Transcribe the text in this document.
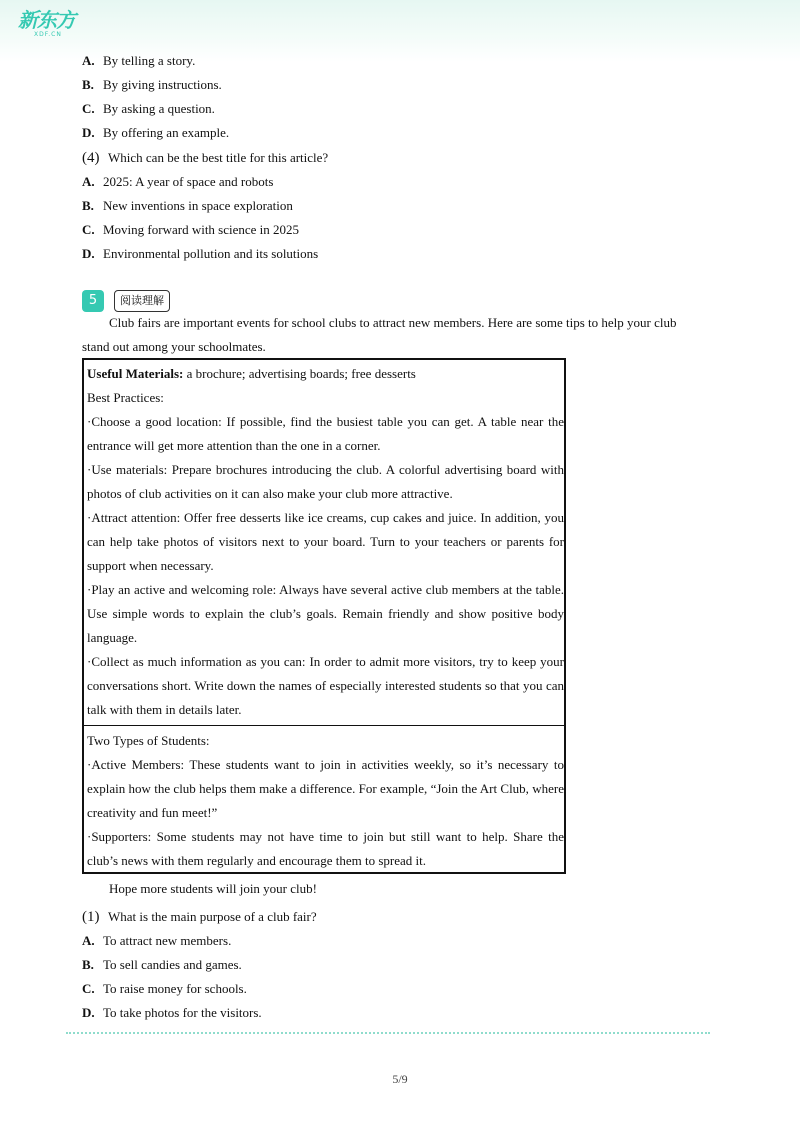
新东方
XDF.CN
A. By telling a story.
B. By giving instructions.
C. By asking a question.
D. By offering an example.
(4) Which can be the best title for this article?
A. 2025: A year of space and robots
B. New inventions in space exploration
C. Moving forward with science in 2025
D. Environmental pollution and its solutions
5	阅读理解
Club fairs are important events for school clubs to attract new members. Here are some tips to help your club stand out among your schoolmates.
Useful Materials: a brochure; advertising boards; free desserts
Best Practices:
·Choose a good location: If possible, find the busiest table you can get. A table near the entrance will get more attention than the one in a corner.
·Use materials: Prepare brochures introducing the club. A colorful advertising board with photos of club activities on it can also make your club more attractive.
·Attract attention: Offer free desserts like ice creams, cup cakes and juice. In addition, you can help take photos of visitors next to your board. Turn to your teachers or parents for support when necessary.
·Play an active and welcoming role: Always have several active club members at the table. Use simple words to explain the club’s goals. Remain friendly and show positive body language.
·Collect as much information as you can: In order to admit more visitors, try to keep your conversations short. Write down the names of especially interested students so that you can talk with them in details later.
Two Types of Students:
·Active Members: These students want to join in activities weekly, so it’s necessary to explain how the club helps them make a difference. For example, “Join the Art Club, where creativity and fun meet!”
·Supporters: Some students may not have time to join but still want to help. Share the club’s news with them regularly and encourage them to spread it.
Hope more students will join your club!
(1) What is the main purpose of a club fair?
A. To attract new members.
B. To sell candies and games.
C. To raise money for schools.
D. To take photos for the visitors.
5/9
